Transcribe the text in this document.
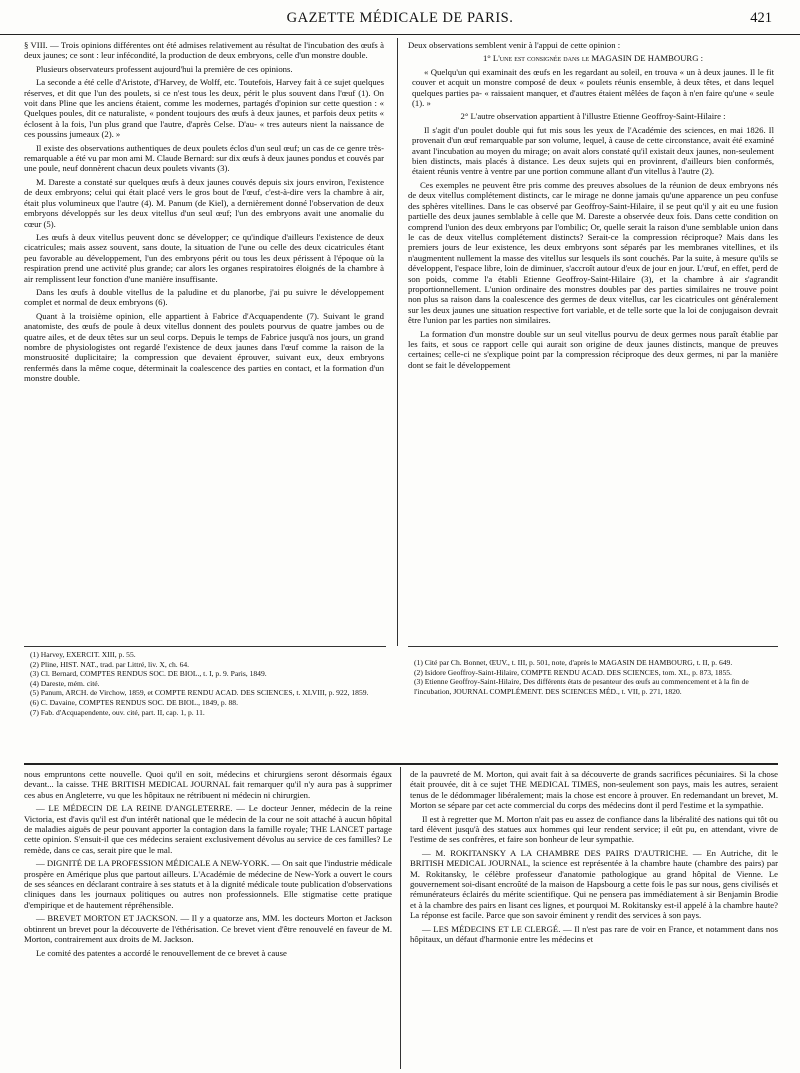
GAZETTE MÉDICALE DE PARIS.	421

§ VIII. — Trois opinions différentes ont été admises relativement au résultat de l'incubation des œufs à deux jaunes; ce sont : leur infécondité, la production de deux embryons, celle d'un monstre double.

Plusieurs observateurs professent aujourd'hui la première de ces opinions.

La seconde a été celle d'Aristote, d'Harvey, de Wolff, etc. Toutefois, Harvey fait à ce sujet quelques réserves, et dit que l'un des poulets, si ce n'est tous les deux, périt le plus souvent dans l'œuf (1). On voit dans Pline que les anciens étaient, comme les modernes, partagés d'opinion sur cette question : « Quelques poules, dit ce naturaliste, « pondent toujours des œufs à deux jaunes, et parfois deux petits « éclosent à la fois, l'un plus grand que l'autre, d'après Celse. D'au- « tres auteurs nient la naissance de ces poussins jumeaux (2). »

Il existe des observations authentiques de deux poulets éclos d'un seul œuf; un cas de ce genre très-remarquable a été vu par mon ami M. Claude Bernard: sur dix œufs à deux jaunes pondus et couvés par une poule, neuf donnèrent chacun deux poulets vivants (3).

M. Dareste a constaté sur quelques œufs à deux jaunes couvés depuis six jours environ, l'existence de deux embryons; celui qui était placé vers le gros bout de l'œuf, c'est-à-dire vers la chambre à air, était plus volumineux que l'autre (4). M. Panum (de Kiel), a dernièrement donné l'observation de deux embryons développés sur les deux vitellus d'un seul œuf; l'un des embryons avait une anomalie du cœur (5).

Les œufs à deux vitellus peuvent donc se développer; ce qu'indique d'ailleurs l'existence de deux cicatricules; mais assez souvent, sans doute, la situation de l'une ou celle des deux cicatricules étant peu favorable au développement, l'un des embryons périt ou tous les deux périssent à l'époque où la respiration prend une activité plus grande; car alors les organes respiratoires éloignés de la chambre à air remplissent leur fonction d'une manière insuffisante.

Dans les œufs à double vitellus de la paludine et du planorbe, j'ai pu suivre le développement complet et normal de deux embryons (6).

Quant à la troisième opinion, elle appartient à Fabrice d'Acquapendente (7). Suivant le grand anatomiste, des œufs de poule à deux vitellus donnent des poulets pourvus de quatre jambes ou de quatre ailes, et de deux têtes sur un seul corps. Depuis le temps de Fabrice jusqu'à nos jours, un grand nombre de physiologistes ont regardé l'existence de deux jaunes dans l'œuf comme la raison de la monstruosité duplicitaire; la compression que devaient éprouver, suivant eux, deux embryons renfermés dans la même coque, déterminait la coalescence des parties en contact, et la formation d'un monstre double.

Deux observations semblent venir à l'appui de cette opinion :

1° L'une est consignée dans le MAGASIN DE HAMBOURG :

« Quelqu'un qui examinait des œufs en les regardant au soleil, en trouva « un à deux jaunes. Il le fit couver et acquit un monstre composé de deux « poulets réunis ensemble, à deux têtes, et dans lequel quelques parties pa- « raissaient manquer, et d'autres étaient mêlées de façon à n'en faire qu'une « seule (1). »

2° L'autre observation appartient à l'illustre Etienne Geoffroy-Saint-Hilaire :

Il s'agit d'un poulet double qui fut mis sous les yeux de l'Académie des sciences, en mai 1826. Il provenait d'un œuf remarquable par son volume, lequel, à cause de cette circonstance, avait été examiné avant l'incubation au moyen du mirage; on avait alors constaté qu'il existait deux jaunes, non-seulement bien distincts, mais placés à distance. Les deux sujets qui en provinrent, d'ailleurs bien conformés, étaient réunis ventre à ventre par une portion commune allant d'un vitellus à l'autre (2).

Ces exemples ne peuvent être pris comme des preuves absolues de la réunion de deux embryons nés de deux vitellus complétement distincts, car le mirage ne donne jamais qu'une apparence un peu confuse des sphères vitellines. Dans le cas observé par Geoffroy-Saint-Hilaire, il se peut qu'il y ait eu une fusion partielle des deux jaunes semblable à celle que M. Dareste a observée deux fois. Dans cette condition on comprend l'union des deux embryons par l'ombilic; Or, quelle serait la raison d'une semblable union dans le cas de deux vitellus complétement distincts? Serait-ce la compression réciproque? Mais dans les premiers jours de leur existence, les deux embryons sont séparés par les membranes vitellines, et ils n'augmentent nullement la masse des vitellus sur lesquels ils sont couchés. Par la suite, à mesure qu'ils se développent, l'espace libre, loin de diminuer, s'accroît autour d'eux de jour en jour. L'œuf, en effet, perd de son poids, comme l'a établi Etienne Geoffroy-Saint-Hilaire (3), et la chambre à air s'agrandit proportionnellement. L'union ordinaire des monstres doubles par des parties similaires ne trouve point non plus sa raison dans la coalescence des germes de deux vitellus, car les cicatricules ont généralement sur les deux jaunes une situation respective fort variable, et de telle sorte que la loi de conjugaison devrait être l'union par les parties non similaires.

La formation d'un monstre double sur un seul vitellus pourvu de deux germes nous paraît établie par les faits, et sous ce rapport celle qui aurait son origine de deux jaunes distincts, manque de preuves certaines; celle-ci ne s'explique point par la compression réciproque des deux germes, ni par la manière dont se fait le développement

(1) Harvey, EXERCIT. XIII, p. 55.
(2) Pline, HIST. NAT., trad. par Littré, liv. X, ch. 64.
(3) Cl. Bernard, COMPTES RENDUS SOC. DE BIOL., t. I, p. 9. Paris, 1849.
(4) Dareste, mém. cité.
(5) Panum, ARCH. de Virchow, 1859, et COMPTE RENDU ACAD. DES SCIENCES, t. XLVIII, p. 922, 1859.
(6) C. Davaine, COMPTES RENDUS SOC. DE BIOL., 1849, p. 88.
(7) Fab. d'Acquapendente, ouv. cité, part. II, cap. 1, p. 11.
(1) Cité par Ch. Bonnet, ŒUV., t. III, p. 501, note, d'après le MAGASIN DE HAMBOURG, t. II, p. 649.
(2) Isidore Geoffroy-Saint-Hilaire, COMPTE RENDU ACAD. DES SCIENCES, tom. XL, p. 873, 1855.
(3) Etienne Geoffroy-Saint-Hilaire, Des différents états de pesanteur des œufs au commencement et à la fin de l'incubation, JOURNAL COMPLÉMENT. DES SCIENCES MÉD., t. VII, p. 271, 1820.

nous empruntons cette nouvelle. Quoi qu'il en soit, médecins et chirurgiens seront désormais égaux devant... la caisse. THE BRITISH MEDICAL JOURNAL fait remarquer qu'il n'y aura pas à supprimer ces abus en Angleterre, vu que les hôpitaux ne rétribuent ni médecin ni chirurgien.

— LE MÉDECIN DE LA REINE D'ANGLETERRE. — Le docteur Jenner, médecin de la reine Victoria, est d'avis qu'il est d'un intérêt national que le médecin de la cour ne soit attaché à aucun hôpital de maladies aiguës de peur pouvant apporter la contagion dans la famille royale; THE LANCET partage cette opinion. S'ensuit-il que ces médecins seraient exclusivement dévolus au service de ces familles? Le remède, dans ce cas, serait pire que le mal.

— DIGNITÉ DE LA PROFESSION MÉDICALE A NEW-YORK. — On sait que l'industrie médicale prospère en Amérique plus que partout ailleurs. L'Académie de médecine de New-York a ouvert le cours de ses séances en déclarant contraire à ses statuts et à la dignité médicale toute publication d'observations cliniques dans les journaux politiques ou autres non professionnels. Elle stigmatise cette pratique d'empirique et de hautement répréhensible.

— BREVET MORTON ET JACKSON. — Il y a quatorze ans, MM. les docteurs Morton et Jackson obtinrent un brevet pour la découverte de l'éthérisation. Ce brevet vient d'être renouvelé en faveur de M. Morton, contrairement aux droits de M. Jackson.

Le comité des patentes a accordé le renouvellement de ce brevet à cause

de la pauvreté de M. Morton, qui avait fait à sa découverte de grands sacrifices pécuniaires. Si la chose était prouvée, dit à ce sujet THE MEDICAL TIMES, non-seulement son pays, mais les autres, seraient tenus de le dédommager libéralement; mais la chose est encore à prouver. En redemandant un brevet, M. Morton se sépare par cet acte commercial du corps des médecins dont il perd l'estime et la sympathie.

Il est à regretter que M. Morton n'ait pas eu assez de confiance dans la libéralité des nations qui tôt ou tard élèvent jusqu'à des statues aux hommes qui leur rendent service; il eût pu, en attendant, vivre de l'estime de ses confrères, et faire son bonheur de leur sympathie.

— M. ROKITANSKY A LA CHAMBRE DES PAIRS D'AUTRICHE. — En Autriche, dit le BRITISH MEDICAL JOURNAL, la science est représentée à la chambre haute (chambre des pairs) par M. Rokitansky, le célèbre professeur d'anatomie pathologique au grand hôpital de Vienne. Le gouvernement soi-disant encroûté de la maison de Hapsbourg a cette fois le pas sur nous, gens civilisés et rémunérateurs éclairés du mérite scientifique. Qui ne pensera pas immédiatement à sir Benjamin Brodie et à la chambre des pairs en lisant ces lignes, et pourquoi M. Rokitansky est-il appelé à la chambre haute? La réponse est facile. Parce que son savoir éminent y rendit des services à son pays.

— LES MÉDECINS ET LE CLERGÉ. — Il n'est pas rare de voir en France, et notamment dans nos hôpitaux, un défaut d'harmonie entre les médecins et
